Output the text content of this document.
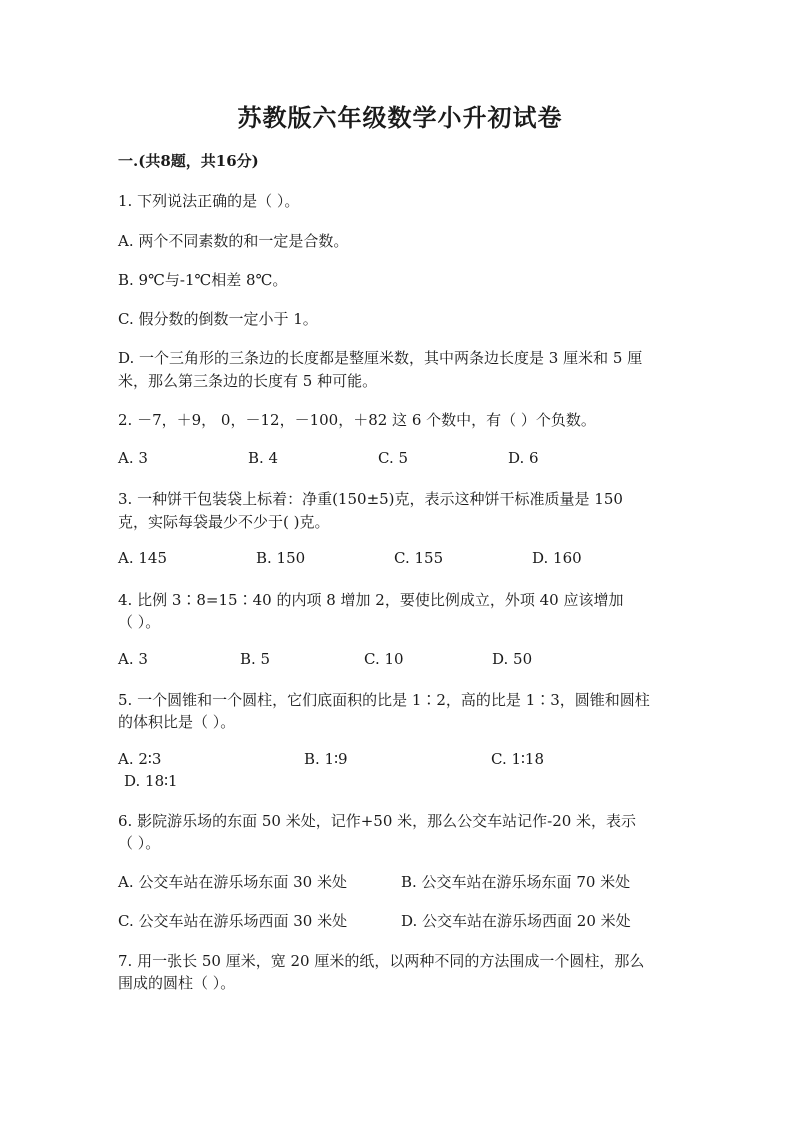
苏教版六年级数学小升初试卷
一.(共8题，共16分)
1. 下列说法正确的是（ ）。
A. 两个不同素数的和一定是合数。
B. 9℃与-1℃相差 8℃。
C. 假分数的倒数一定小于 1。
D. 一个三角形的三条边的长度都是整厘米数，其中两条边长度是 3 厘米和 5 厘
米，那么第三条边的长度有 5 种可能。
2. －7，＋9， 0，－12，－100，＋82 这 6 个数中，有（ ）个负数。
A. 3	B. 4	C. 5	D. 6
3. 一种饼干包装袋上标着：净重(150±5)克，表示这种饼干标准质量是 150
克，实际每袋最少不少于( )克。
A. 145	B. 150	C. 155	D. 160
4. 比例 3∶8=15∶40 的内项 8 增加 2，要使比例成立，外项 40 应该增加
（ ）。
A. 3	B. 5	C. 10	D. 50
5. 一个圆锥和一个圆柱，它们底面积的比是 1∶2，高的比是 1∶3，圆锥和圆柱
的体积比是（ ）。
A. 2∶3	B. 1∶9	C. 1∶18
D. 18∶1
6. 影院游乐场的东面 50 米处，记作+50 米，那么公交车站记作-20 米，表示
（ ）。
A. 公交车站在游乐场东面 30 米处	B. 公交车站在游乐场东面 70 米处
C. 公交车站在游乐场西面 30 米处	D. 公交车站在游乐场西面 20 米处
7. 用一张长 50 厘米，宽 20 厘米的纸，以两种不同的方法围成一个圆柱，那么
围成的圆柱（ ）。
